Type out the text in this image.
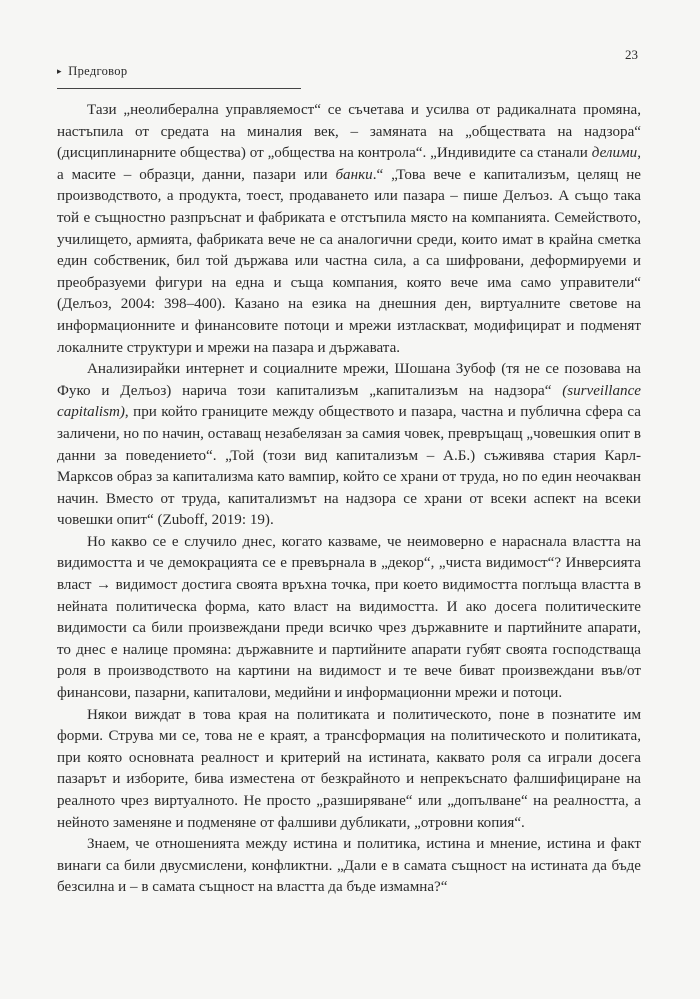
▸ Предговор
23

Тази „неолиберална управляемост“ се съчетава и усилва от радикалната промяна, настъпила от средата на миналия век, – замяната на „обществата на надзора“ (дисциплинарните общества) от „общества на контрола“. „Индивидите са станали делими, а масите – образци, данни, пазари или банки.“ „Това вече е капитализъм, целящ не производството, а продукта, тоест, продаването или пазара – пише Делъоз. А също така той е същностно разпръснат и фабриката е отстъпила място на компанията. Семейството, училището, армията, фабриката вече не са аналогични среди, които имат в крайна сметка един собственик, бил той държава или частна сила, а са шифровани, деформируеми и преобразуеми фигури на една и съща компания, която вече има само управители“ (Делъоз, 2004: 398–400). Казано на езика на днешния ден, виртуалните светове на информационните и финансовите потоци и мрежи изтласкват, модифицират и подменят локалните структури и мрежи на пазара и държавата.

Анализирайки интернет и социалните мрежи, Шошана Зубоф (тя не се позовава на Фуко и Делъоз) нарича този капитализъм „капитализъм на надзора“ (surveillance capitalism), при който границите между обществото и пазара, частна и публична сфера са заличени, но по начин, оставащ незабелязан за самия човек, превръщащ „човешкия опит в данни за поведението“. „Той (този вид капитализъм – А.Б.) съживява стария Карл-Марксов образ за капитализма като вампир, който се храни от труда, но по един неочакван начин. Вместо от труда, капитализмът на надзора се храни от всеки аспект на всеки човешки опит“ (Zuboff, 2019: 19).

Но какво се е случило днес, когато казваме, че неимоверно е нараснала властта на видимостта и че демокрацията се е превърнала в „декор“, „чиста видимост“? Инверсията власт → видимост достига своята връхна точка, при което видимостта поглъща властта в нейната политическа форма, като власт на видимостта. И ако досега политическите видимости са били произвеждани преди всичко чрез държавните и партийните апарати, то днес е налице промяна: държавните и партийните апарати губят своята господстваща роля в производството на картини на видимост и те вече биват произвеждани във/от финансови, пазарни, капиталови, медийни и информационни мрежи и потоци.

Някои виждат в това края на политиката и политическото, поне в познатите им форми. Струва ми се, това не е краят, а трансформация на политическото и политиката, при която основната реалност и критерий на истината, каквато роля са играли досега пазарът и изборите, бива изместена от безкрайното и непрекъснато фалшифициране на реалното чрез виртуалното. Не просто „разширяване“ или „допълване“ на реалността, а нейното заменяне и подменяне от фалшиви дубликати, „отровни копия“.

Знаем, че отношенията между истина и политика, истина и мнение, истина и факт винаги са били двусмислени, конфликтни. „Дали е в самата същност на истината да бъде безсилна и – в самата същност на властта да бъде измамна?“
